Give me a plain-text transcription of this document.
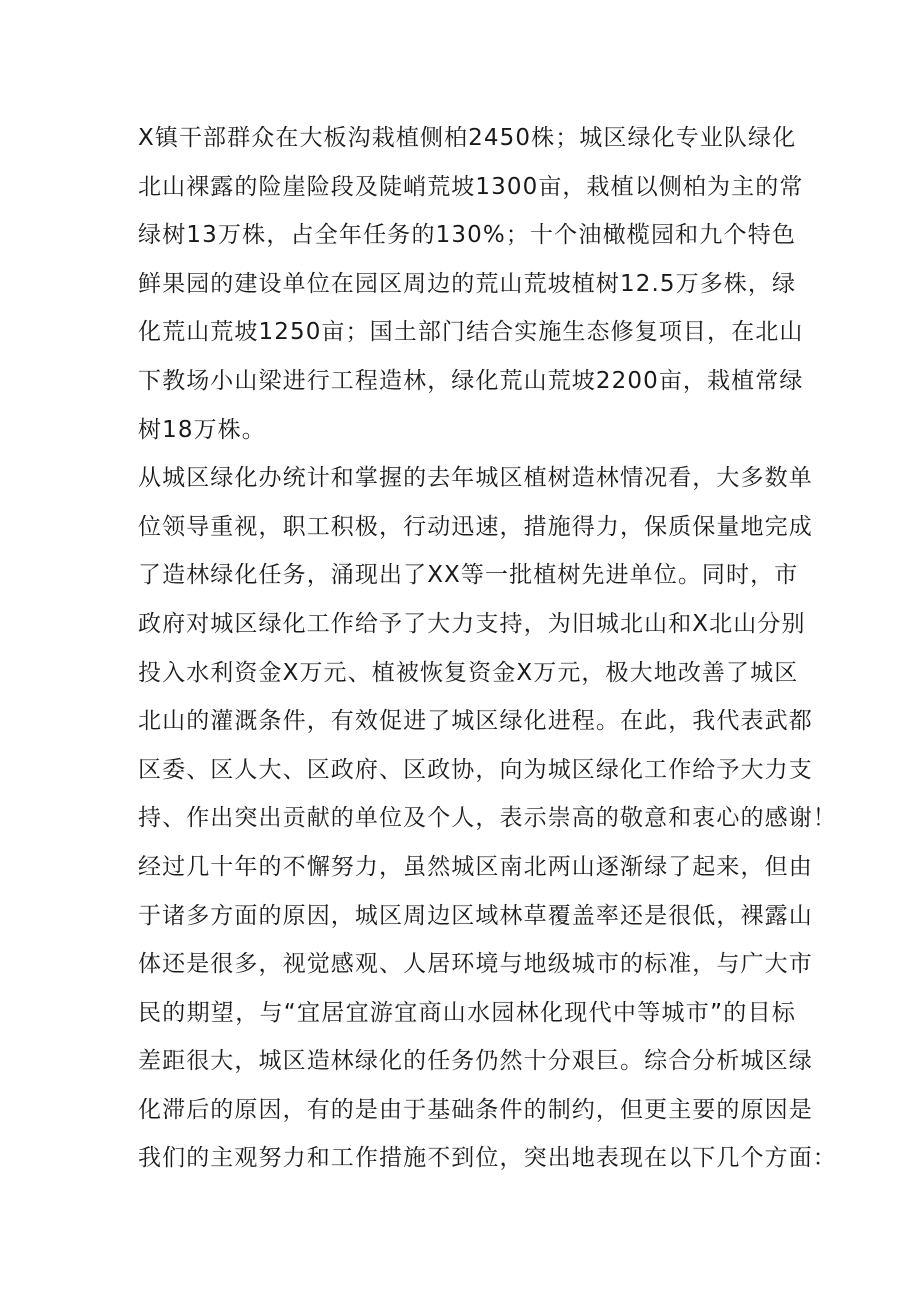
X镇干部群众在大板沟栽植侧柏2450株；城区绿化专业队绿化
北山裸露的险崖险段及陡峭荒坡1300亩，栽植以侧柏为主的常
绿树13万株，占全年任务的130%；十个油橄榄园和九个特色
鲜果园的建设单位在园区周边的荒山荒坡植树12.5万多株，绿
化荒山荒坡1250亩；国土部门结合实施生态修复项目，在北山
下教场小山梁进行工程造林，绿化荒山荒坡2200亩，栽植常绿
树18万株。
从城区绿化办统计和掌握的去年城区植树造林情况看，大多数单
位领导重视，职工积极，行动迅速，措施得力，保质保量地完成
了造林绿化任务，涌现出了XX等一批植树先进单位。同时，市
政府对城区绿化工作给予了大力支持，为旧城北山和X北山分别
投入水利资金X万元、植被恢复资金X万元，极大地改善了城区
北山的灌溉条件，有效促进了城区绿化进程。在此，我代表武都
区委、区人大、区政府、区政协，向为城区绿化工作给予大力支
持、作出突出贡献的单位及个人，表示崇高的敬意和衷心的感谢！
经过几十年的不懈努力，虽然城区南北两山逐渐绿了起来，但由
于诸多方面的原因，城区周边区域林草覆盖率还是很低，裸露山
体还是很多，视觉感观、人居环境与地级城市的标准，与广大市
民的期望，与“宜居宜游宜商山水园林化现代中等城市”的目标
差距很大，城区造林绿化的任务仍然十分艰巨。综合分析城区绿
化滞后的原因，有的是由于基础条件的制约，但更主要的原因是
我们的主观努力和工作措施不到位，突出地表现在以下几个方面：
